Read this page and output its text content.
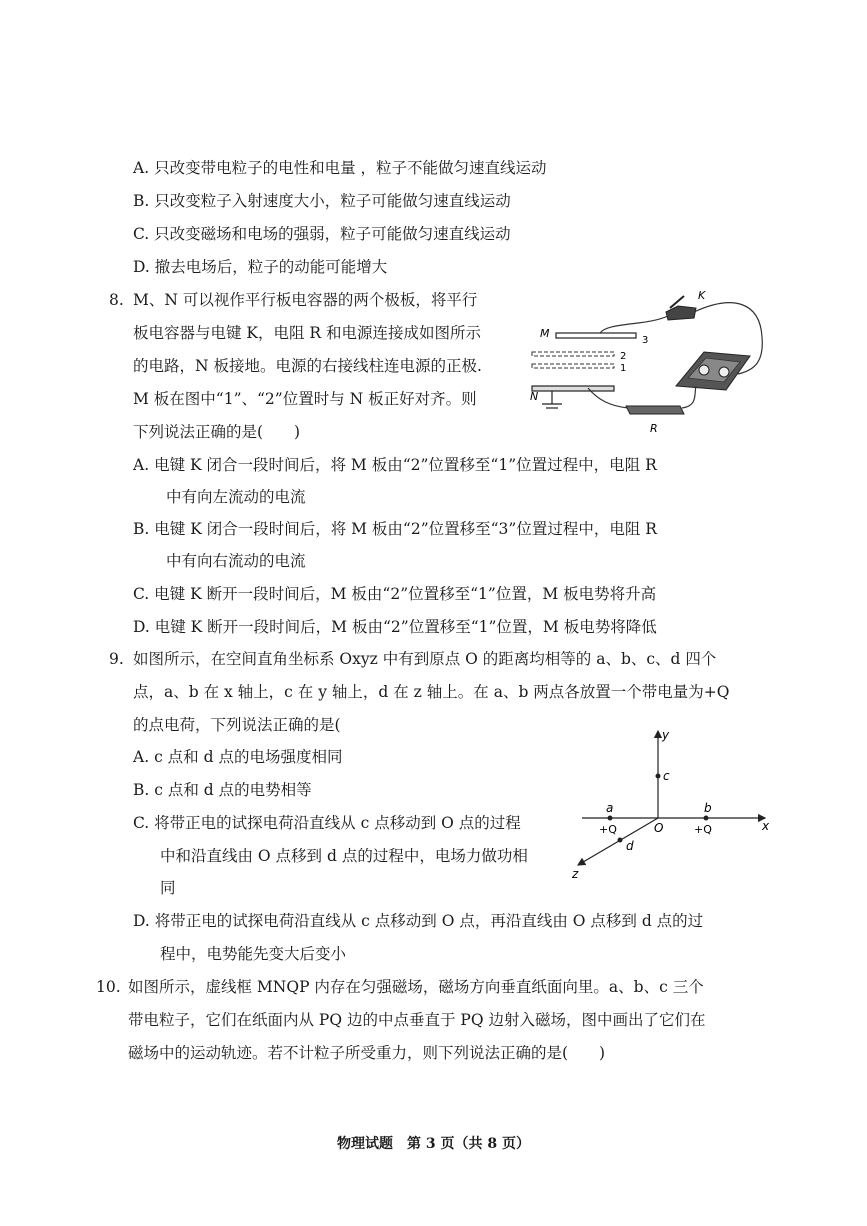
A. 只改变带电粒子的电性和电量 ，粒子不能做匀速直线运动
B. 只改变粒子入射速度大小，粒子可能做匀速直线运动
C. 只改变磁场和电场的强弱，粒子可能做匀速直线运动
D. 撤去电场后，粒子的动能可能增大
8. M、N 可以视作平行板电容器的两个极板，将平行
板电容器与电键 K，电阻 R 和电源连接成如图所示
的电路，N 板接地。电源的右接线柱连电源的正极.
M 板在图中“1”、“2”位置时与 N 板正好对齐。则
下列说法正确的是(　　)
K
M
3
2
1
N
R
A. 电键 K 闭合一段时间后，将 M 板由“2”位置移至“1”位置过程中，电阻 R
中有向左流动的电流
B. 电键 K 闭合一段时间后，将 M 板由“2”位置移至“3”位置过程中，电阻 R
中有向右流动的电流
C. 电键 K 断开一段时间后，M 板由“2”位置移至“1”位置，M 板电势将升高
D. 电键 K 断开一段时间后，M 板由“2”位置移至“1”位置，M 板电势将降低
9. 如图所示，在空间直角坐标系 Oxyz 中有到原点 O 的距离均相等的 a、b、c、d 四个
点，a、b 在 x 轴上，c 在 y 轴上，d 在 z 轴上。在 a、b 两点各放置一个带电量为+Q
的点电荷，下列说法正确的是(
A. c 点和 d 点的电场强度相同
B. c 点和 d 点的电势相等
C. 将带正电的试探电荷沿直线从 c 点移动到 O 点的过程
中和沿直线由 O 点移到 d 点的过程中，电场力做功相
同
D. 将带正电的试探电荷沿直线从 c 点移动到 O 点，再沿直线由 O 点移到 d 点的过
程中，电势能先变大后变小
x
y
z
O
a
+Q
b
+Q
c
d
10. 如图所示，虚线框 MNQP 内存在匀强磁场，磁场方向垂直纸面向里。a、b、c 三个
带电粒子，它们在纸面内从 PQ 边的中点垂直于 PQ 边射入磁场，图中画出了它们在
磁场中的运动轨迹。若不计粒子所受重力，则下列说法正确的是(　　)
物理试题　第 3 页（共 8 页）
